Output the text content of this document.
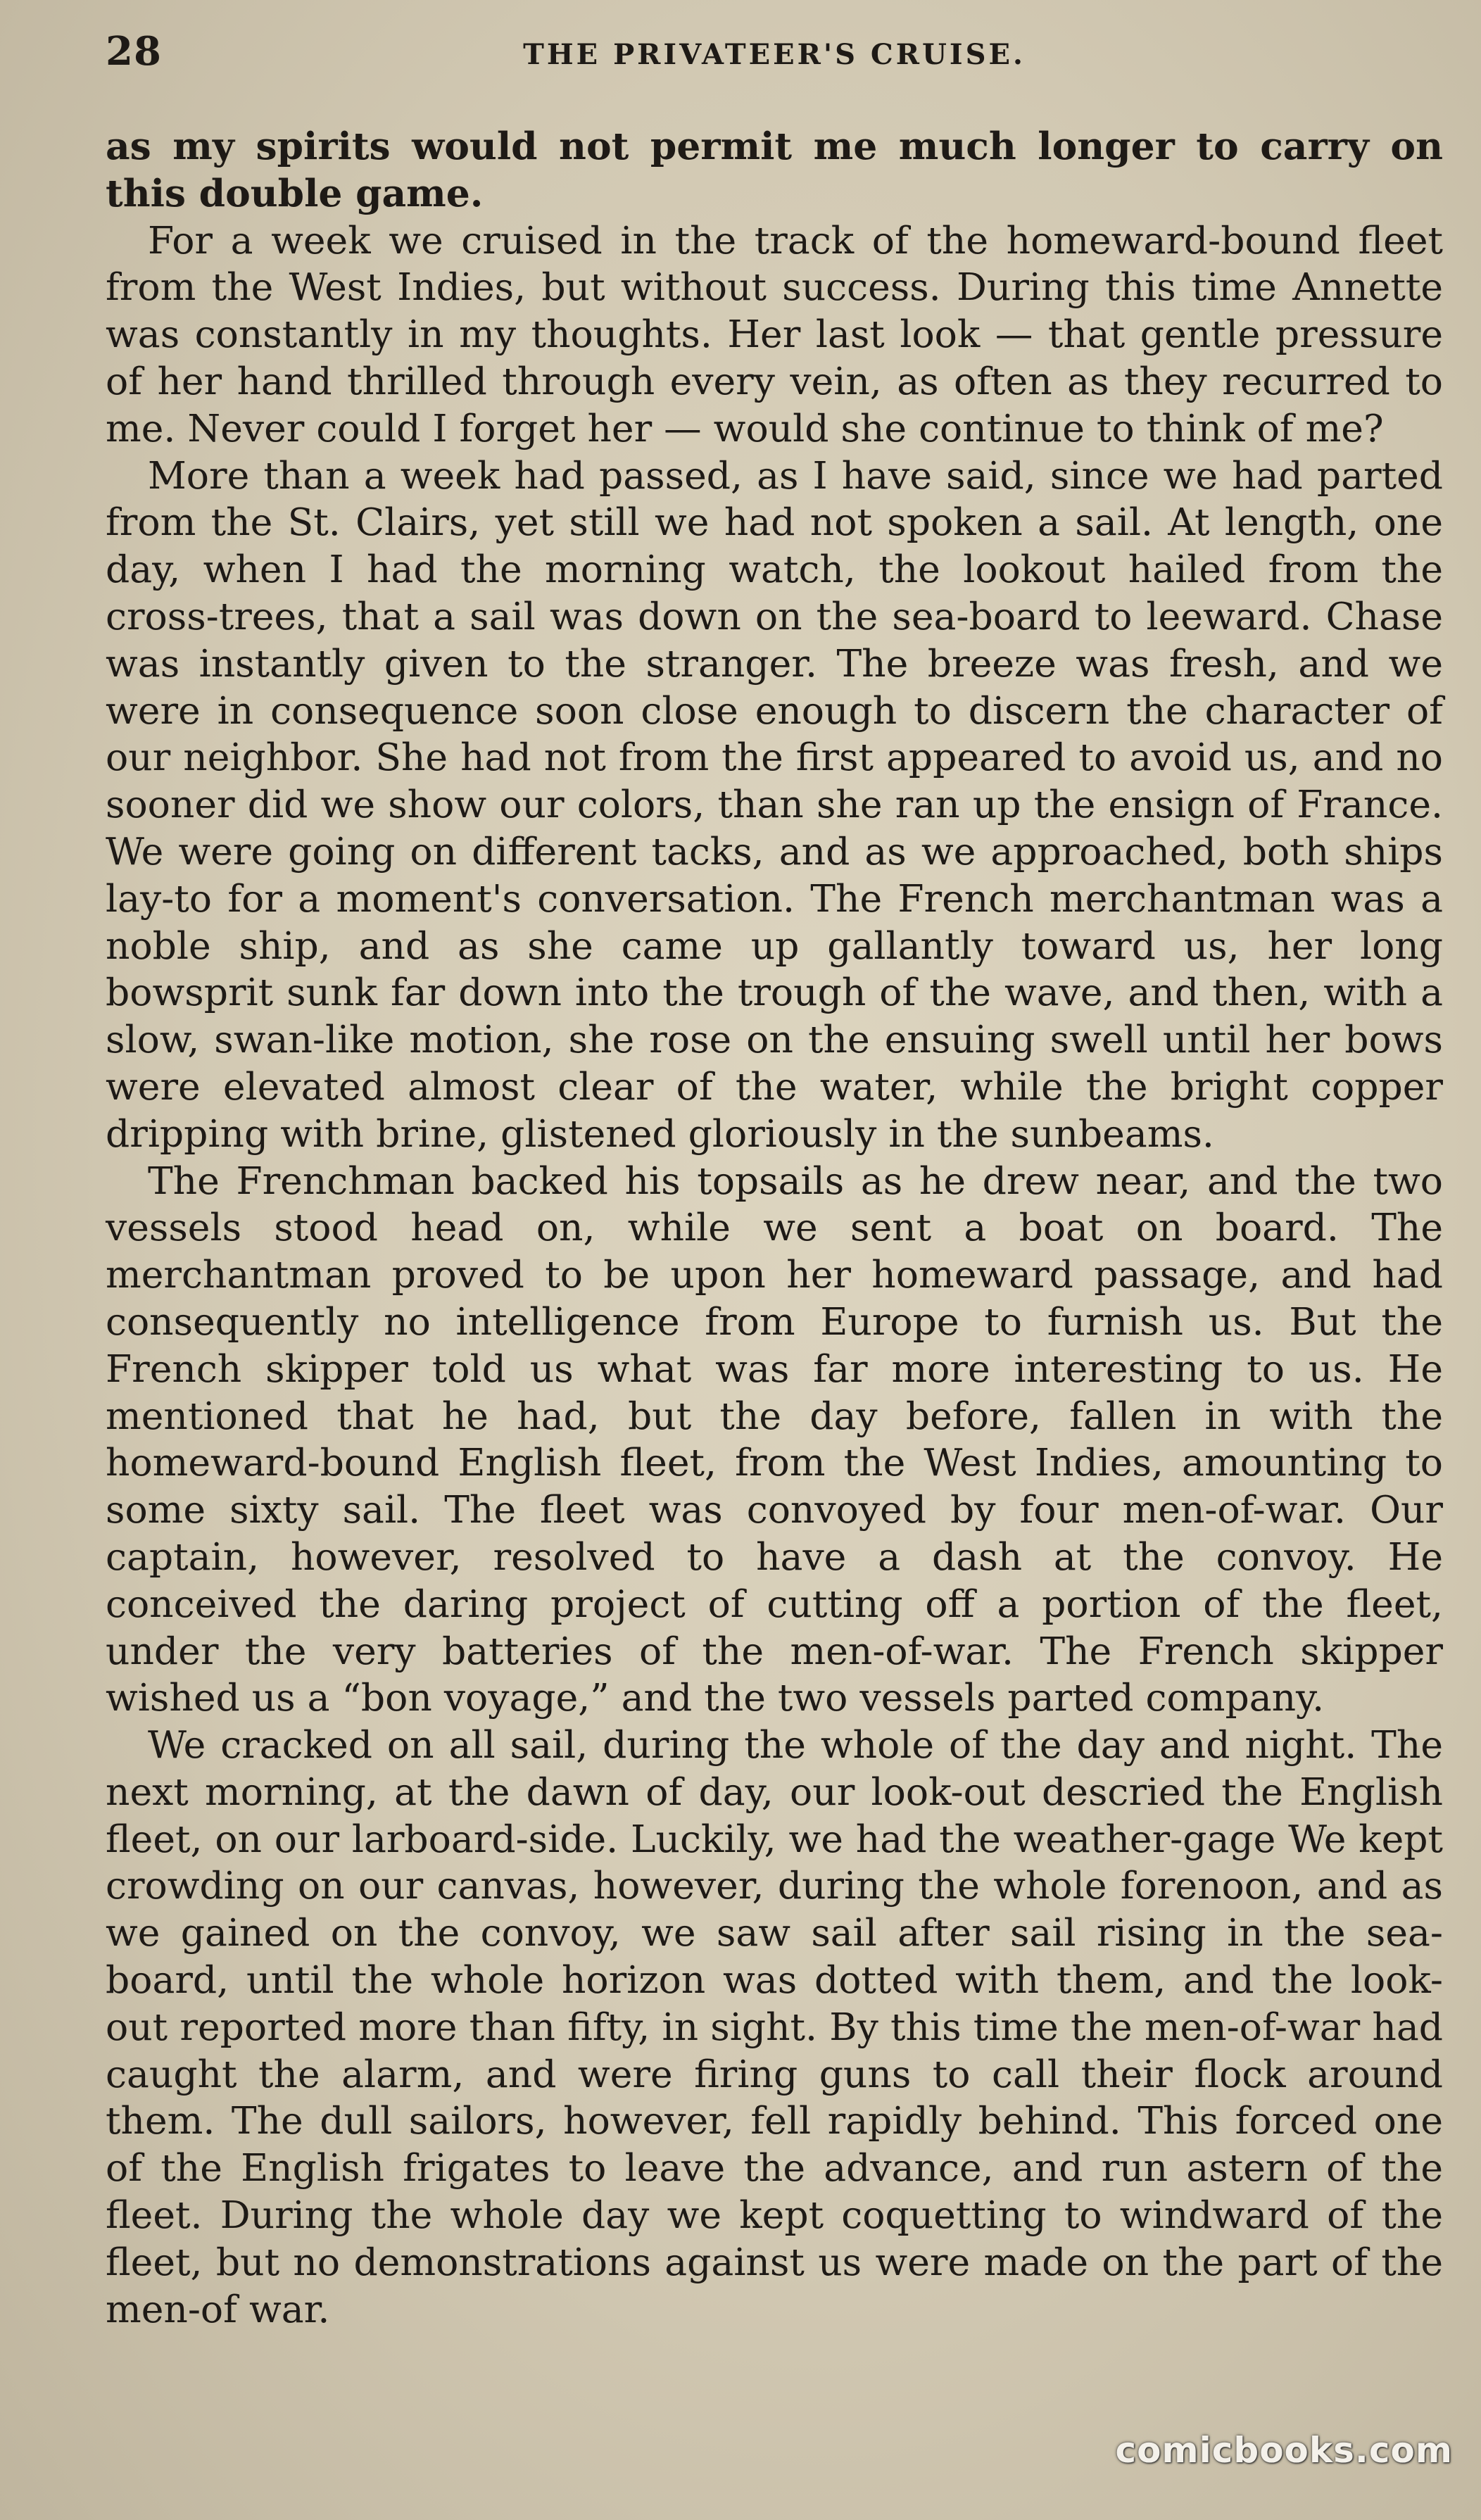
28	THE PRIVATEER'S CRUISE.

as my spirits would not permit me much longer to carry on this double game.

For a week we cruised in the track of the homeward-bound fleet from the West Indies, but without success. During this time Annette was constantly in my thoughts. Her last look — that gentle pressure of her hand thrilled through every vein, as often as they recurred to me. Never could I forget her — would she continue to think of me?

More than a week had passed, as I have said, since we had parted from the St. Clairs, yet still we had not spoken a sail. At length, one day, when I had the morning watch, the lookout hailed from the cross-trees, that a sail was down on the sea-board to leeward. Chase was instantly given to the stranger. The breeze was fresh, and we were in consequence soon close enough to discern the character of our neighbor. She had not from the first appeared to avoid us, and no sooner did we show our colors, than she ran up the ensign of France. We were going on different tacks, and as we approached, both ships lay-to for a moment's conversation. The French merchantman was a noble ship, and as she came up gallantly toward us, her long bowsprit sunk far down into the trough of the wave, and then, with a slow, swan-like motion, she rose on the ensuing swell until her bows were elevated almost clear of the water, while the bright copper dripping with brine, glistened gloriously in the sunbeams.

The Frenchman backed his topsails as he drew near, and the two vessels stood head on, while we sent a boat on board. The merchantman proved to be upon her homeward passage, and had consequently no intelligence from Europe to furnish us. But the French skipper told us what was far more interesting to us. He mentioned that he had, but the day before, fallen in with the homeward-bound English fleet, from the West Indies, amounting to some sixty sail. The fleet was convoyed by four men-of-war. Our captain, however, resolved to have a dash at the convoy. He conceived the daring project of cutting off a portion of the fleet, under the very batteries of the men-of-war. The French skipper wished us a “bon voyage,” and the two vessels parted company.

We cracked on all sail, during the whole of the day and night. The next morning, at the dawn of day, our look-out descried the English fleet, on our larboard-side. Luckily, we had the weather-gage We kept crowding on our canvas, however, during the whole forenoon, and as we gained on the convoy, we saw sail after sail rising in the sea-board, until the whole horizon was dotted with them, and the look-out reported more than fifty, in sight. By this time the men-of-war had caught the alarm, and were firing guns to call their flock around them. The dull sailors, however, fell rapidly behind. This forced one of the English frigates to leave the advance, and run astern of the fleet. During the whole day we kept coquetting to windward of the fleet, but no demonstrations against us were made on the part of the men-of war.

comicbooks.com
